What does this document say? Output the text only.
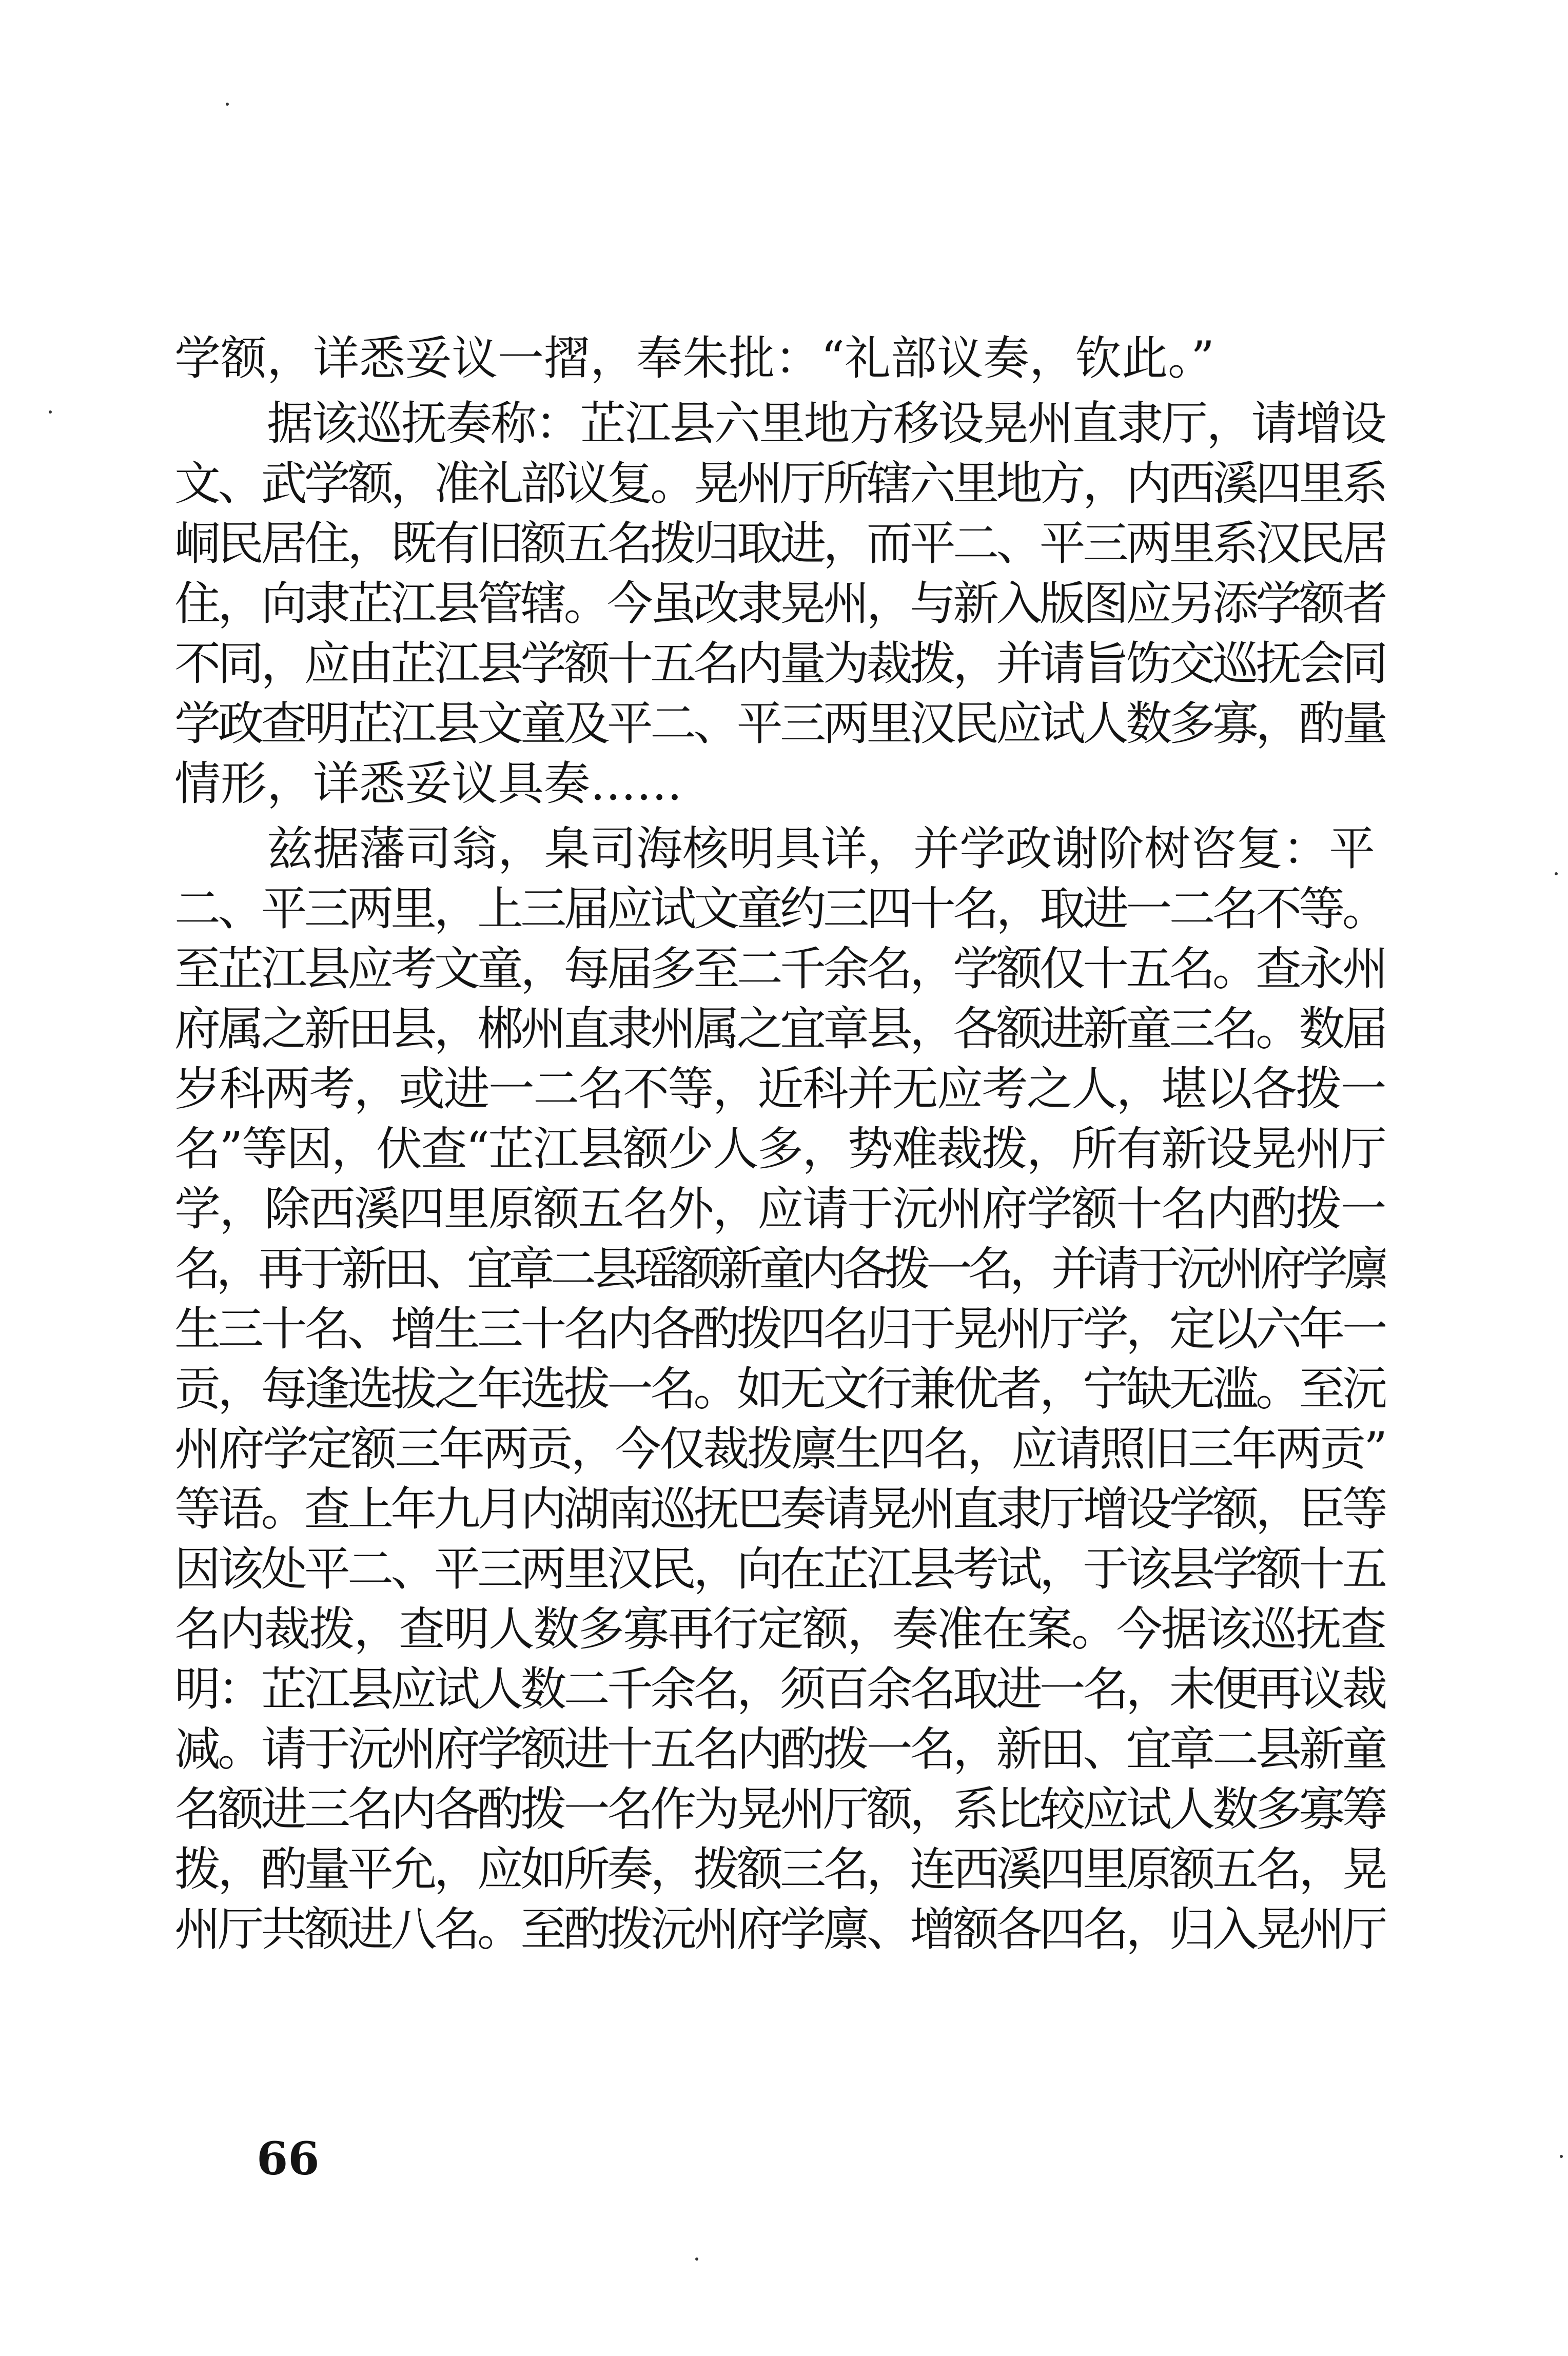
学额，详悉妥议一摺，奉朱批：“礼部议奏，钦此。”
据该巡抚奏称：芷江县六里地方移设晃州直隶厅，请增设
文、武学额，准礼部议复。晃州厅所辖六里地方，内西溪四里系
峒民居住，既有旧额五名拨归取进，而平二、平三两里系汉民居
住，向隶芷江县管辖。今虽改隶晃州，与新入版图应另添学额者
不同，应由芷江县学额十五名内量为裁拨，并请旨饬交巡抚会同
学政查明芷江县文童及平二、平三两里汉民应试人数多寡，酌量
情形，详悉妥议具奏……
兹据藩司翁，臬司海核明具详，并学政谢阶树咨复：平
二、平三两里，上三届应试文童约三四十名，取进一二名不等。
至芷江县应考文童，每届多至二千余名，学额仅十五名。查永州
府属之新田县，郴州直隶州属之宜章县，各额进新童三名。数届
岁科两考，或进一二名不等，近科并无应考之人，堪以各拨一
名”等因，伏查“芷江县额少人多，势难裁拨，所有新设晃州厅
学，除西溪四里原额五名外，应请于沅州府学额十名内酌拨一
名，再于新田、宜章二县瑶额新童内各拨一名，并请于沅州府学廪
生三十名、增生三十名内各酌拨四名归于晃州厅学，定以六年一
贡，每逢选拔之年选拔一名。如无文行兼优者，宁缺无滥。至沅
州府学定额三年两贡，今仅裁拨廪生四名，应请照旧三年两贡”
等语。查上年九月内湖南巡抚巴奏请晃州直隶厅增设学额，臣等
因该处平二、平三两里汉民，向在芷江县考试，于该县学额十五
名内裁拨，查明人数多寡再行定额，奏准在案。今据该巡抚查
明：芷江县应试人数二千余名，须百余名取进一名，未便再议裁
减。请于沅州府学额进十五名内酌拨一名，新田、宜章二县新童
名额进三名内各酌拨一名作为晃州厅额，系比较应试人数多寡筹
拨，酌量平允，应如所奏，拨额三名，连西溪四里原额五名，晃
州厅共额进八名。至酌拨沅州府学廪、增额各四名，归入晃州厅
66
